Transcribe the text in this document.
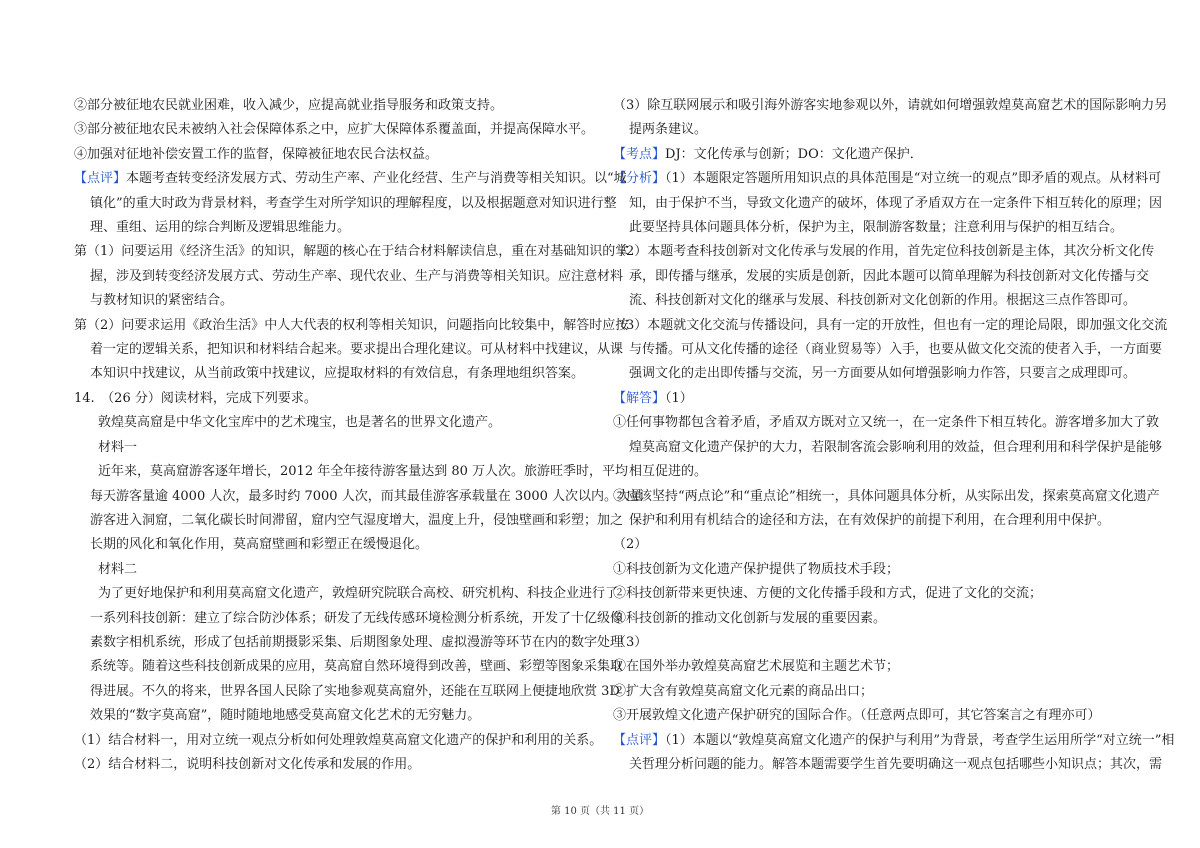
②部分被征地农民就业困难，收入减少，应提高就业指导服务和政策支持。
③部分被征地农民未被纳入社会保障体系之中，应扩大保障体系覆盖面，并提高保障水平。
④加强对征地补偿安置工作的监督，保障被征地农民合法权益。
【点评】本题考查转变经济发展方式、劳动生产率、产业化经营、生产与消费等相关知识。以“城
镇化”的重大时政为背景材料，考查学生对所学知识的理解程度，以及根据题意对知识进行整
理、重组、运用的综合判断及逻辑思维能力。
第（1）问要运用《经济生活》的知识，解题的核心在于结合材料解读信息，重在对基础知识的掌
握，涉及到转变经济发展方式、劳动生产率、现代农业、生产与消费等相关知识。应注意材料
与教材知识的紧密结合。
第（2）问要求运用《政治生活》中人大代表的权利等相关知识，问题指向比较集中，解答时应按
着一定的逻辑关系，把知识和材料结合起来。要求提出合理化建议。可从材料中找建议，从课
本知识中找建议，从当前政策中找建议，应提取材料的有效信息，有条理地组织答案。
14.　（26 分）阅读材料，完成下列要求。
敦煌莫高窟是中华文化宝库中的艺术瑰宝，也是著名的世界文化遗产。
材料一
近年来，莫高窟游客逐年增长，2012 年全年接待游客量达到 80 万人次。旅游旺季时，平均
每天游客量逾 4000 人次，最多时约 7000 人次，而其最佳游客承载量在 3000 人次以内。大量
游客进入洞窟，二氧化碳长时间滞留，窟内空气湿度增大，温度上升，侵蚀壁画和彩塑；加之
长期的风化和氧化作用，莫高窟壁画和彩塑正在缓慢退化。
材料二
为了更好地保护和利用莫高窟文化遗产，敦煌研究院联合高校、研究机构、科技企业进行了
一系列科技创新：建立了综合防沙体系；研发了无线传感环境检测分析系统，开发了十亿级像
素数字相机系统，形成了包括前期摄影采集、后期图象处理、虚拟漫游等环节在内的数字处理
系统等。随着这些科技创新成果的应用，莫高窟自然环境得到改善，壁画、彩塑等图象采集取
得进展。不久的将来，世界各国人民除了实地参观莫高窟外，还能在互联网上便捷地欣赏 3D
效果的“数字莫高窟”，随时随地地感受莫高窟文化艺术的无穷魅力。
（1）结合材料一，用对立统一观点分析如何处理敦煌莫高窟文化遗产的保护和利用的关系。
（2）结合材料二，说明科技创新对文化传承和发展的作用。
（3）除互联网展示和吸引海外游客实地参观以外，请就如何增强敦煌莫高窟艺术的国际影响力另
提两条建议。
【考点】DJ：文化传承与创新；DO：文化遗产保护．
【分析】（1）本题限定答题所用知识点的具体范围是“对立统一的观点”即矛盾的观点。从材料可
知，由于保护不当，导致文化遗产的破坏，体现了矛盾双方在一定条件下相互转化的原理；因
此要坚持具体问题具体分析，保护为主，限制游客数量；注意利用与保护的相互结合。
（2）本题考查科技创新对文化传承与发展的作用，首先定位科技创新是主体，其次分析文化传
承，即传播与继承，发展的实质是创新，因此本题可以简单理解为科技创新对文化传播与交
流、科技创新对文化的继承与发展、科技创新对文化创新的作用。根据这三点作答即可。
（3）本题就文化交流与传播设问，具有一定的开放性，但也有一定的理论局限，即加强文化交流
与传播。可从文化传播的途径（商业贸易等）入手，也要从做文化交流的使者入手，一方面要
强调文化的走出即传播与交流，另一方面要从如何增强影响力作答，只要言之成理即可。
【解答】（1）
①任何事物都包含着矛盾，矛盾双方既对立又统一，在一定条件下相互转化。游客增多加大了敦
煌莫高窟文化遗产保护的大力，若限制客流会影响利用的效益，但合理利用和科学保护是能够
相互促进的。
②应该坚持“两点论”和“重点论”相统一，具体问题具体分析，从实际出发，探索莫高窟文化遗产
保护和利用有机结合的途径和方法，在有效保护的前提下利用，在合理利用中保护。
（2）
①科技创新为文化遗产保护提供了物质技术手段；
②科技创新带来更快速、方便的文化传播手段和方式，促进了文化的交流；
③科技创新的推动文化创新与发展的重要因素。
（3）
①在国外举办敦煌莫高窟艺术展览和主题艺术节；
②扩大含有敦煌莫高窟文化元素的商品出口；
③开展敦煌文化遗产保护研究的国际合作。（任意两点即可，其它答案言之有理亦可）
【点评】（1）本题以“敦煌莫高窟文化遗产的保护与利用”为背景，考查学生运用所学“对立统一”相
关哲理分析问题的能力。解答本题需要学生首先要明确这一观点包括哪些小知识点；其次，需
第 10 页（共 11 页）
